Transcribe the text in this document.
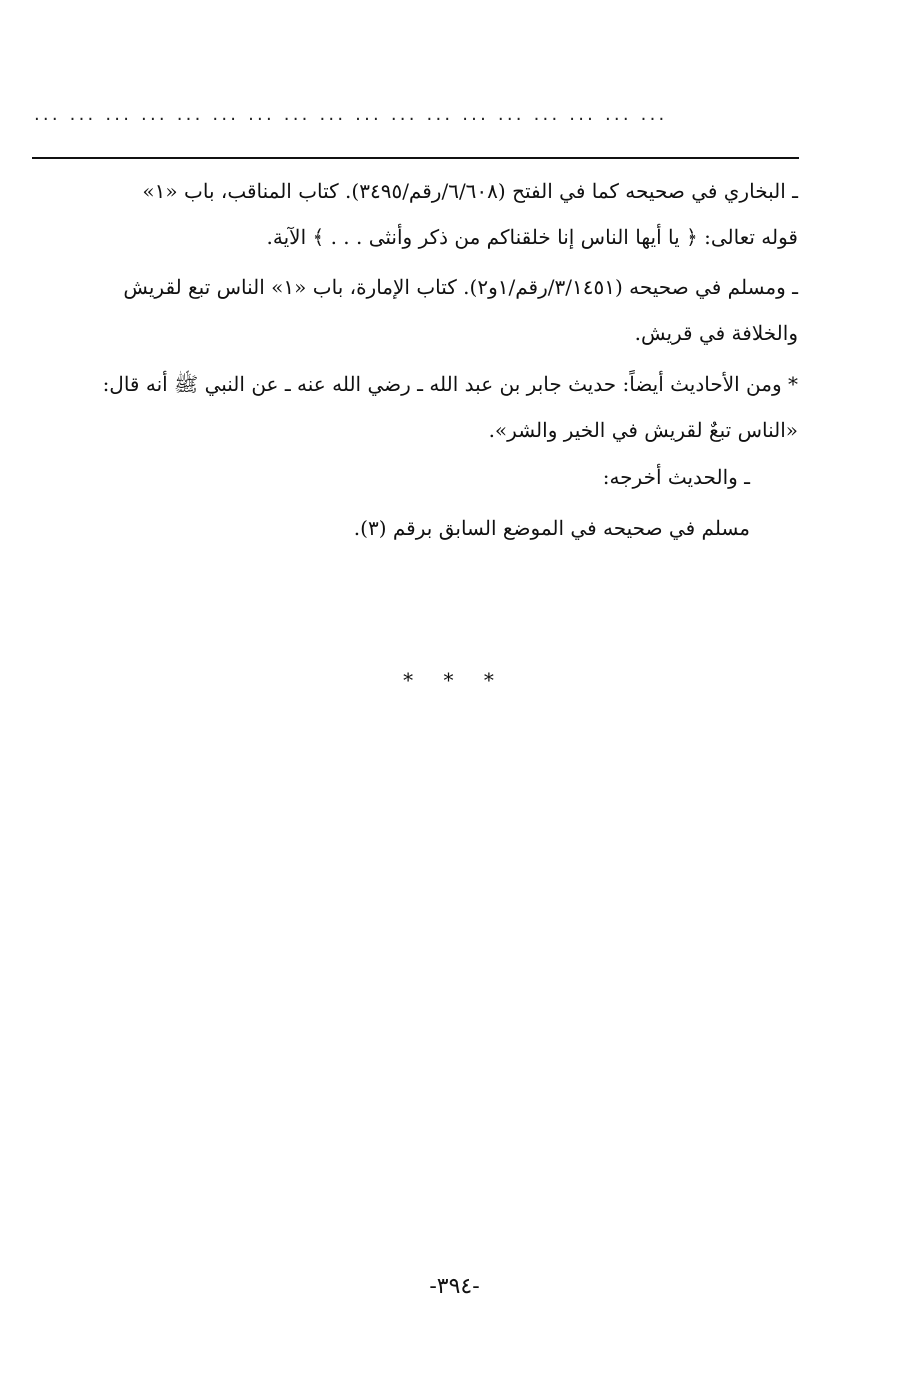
... ... ... ... ... ... ... ... ... ... ... ... ... ... ... ... ... ...
ـ البخاري في صحيحه كما في الفتح (٦/٦٠٨/رقم/٣٤٩٥). كتاب المناقب، باب «١»
قوله تعالى: ﴿ يا أيها الناس إنا خلقناكم من ذكر وأنثى . . . ﴾ الآية.
ـ ومسلم في صحيحه (٣/١٤٥١/رقم/١و٢). كتاب الإمارة، باب «١» الناس تبع لقريش
والخلافة في قريش.
* ومن الأحاديث أيضاً: حديث جابر بن عبد الله ـ رضي الله عنه ـ عن النبي ﷺ أنه قال:
«الناس تبعٌ لقريش في الخير والشر».
ـ والحديث أخرجه:
مسلم في صحيحه في الموضع السابق برقم (٣).
* * *
-٣٩٤-
